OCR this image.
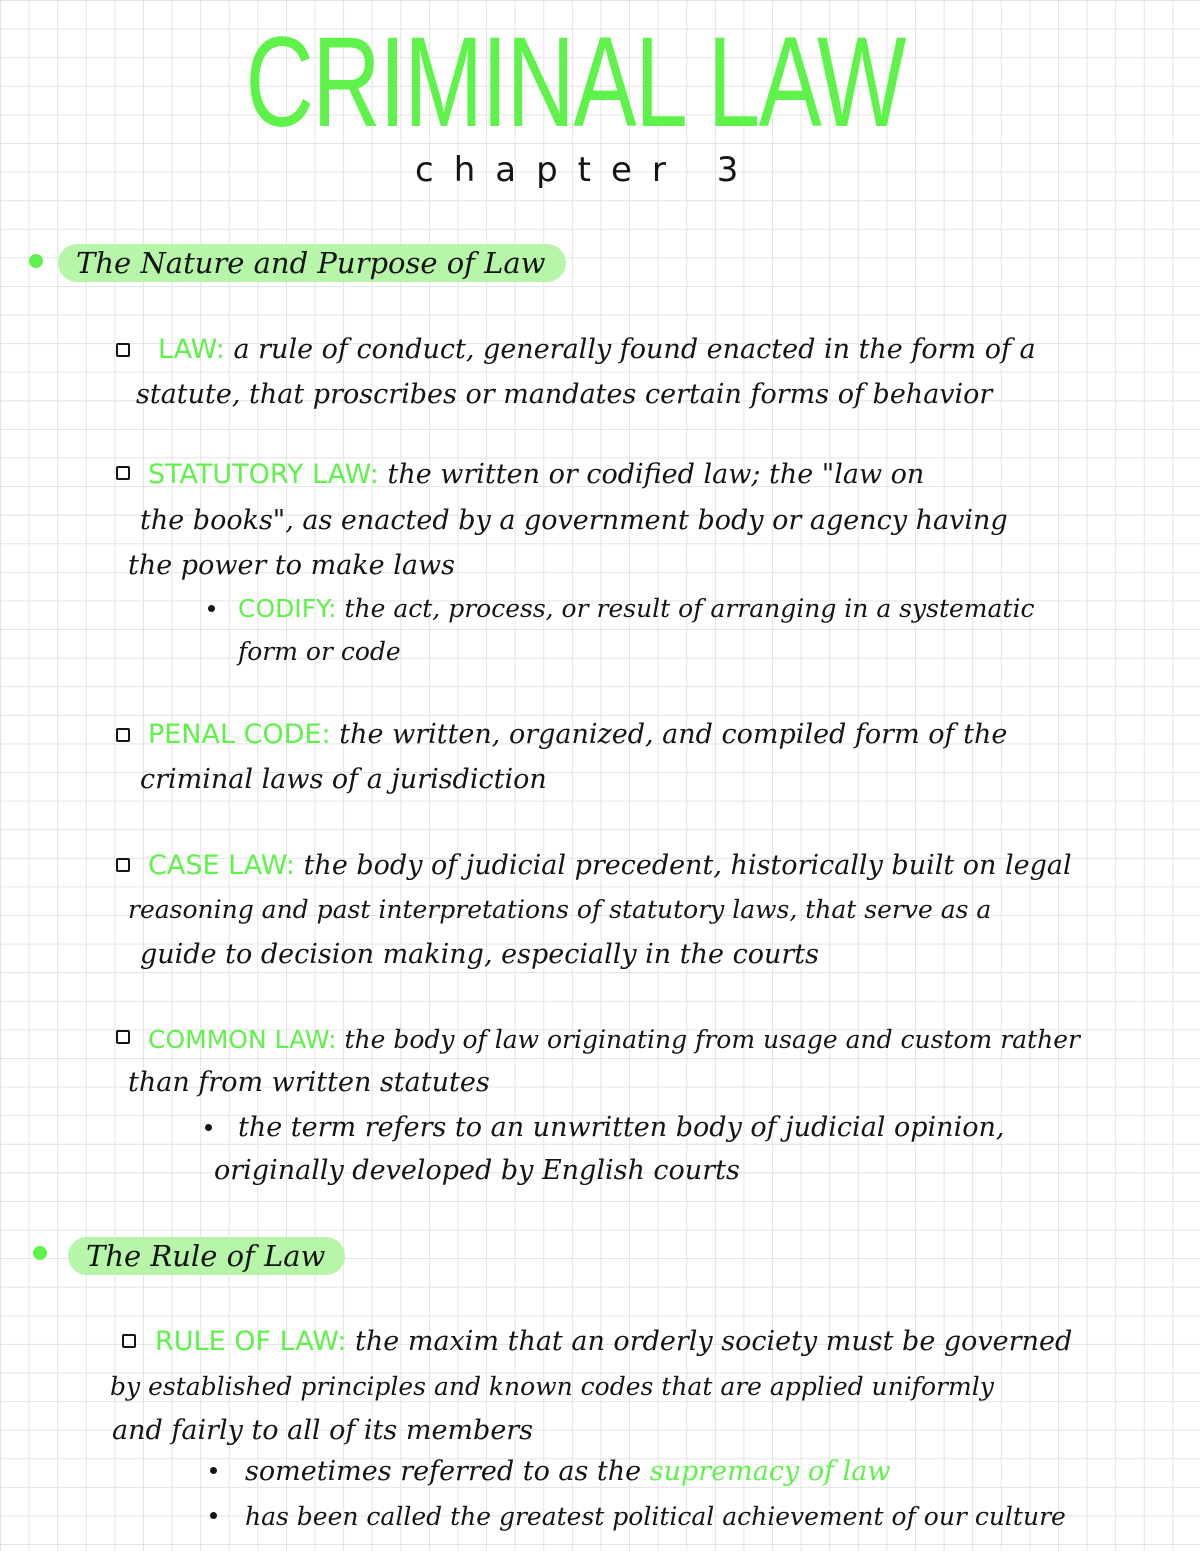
CRIMINAL LAW
chapter 3
The Nature and Purpose of Law
LAW: a rule of conduct, generally found enacted in the form of a
statute, that proscribes or mandates certain forms of behavior
STATUTORY LAW: the written or codified law; the "law on
the books", as enacted by a government body or agency having
the power to make laws
CODIFY: the act, process, or result of arranging in a systematic
form or code
PENAL CODE: the written, organized, and compiled form of the
criminal laws of a jurisdiction
CASE LAW: the body of judicial precedent, historically built on legal
reasoning and past interpretations of statutory laws, that serve as a
guide to decision making, especially in the courts
COMMON LAW: the body of law originating from usage and custom rather
than from written statutes
the term refers to an unwritten body of judicial opinion,
originally developed by English courts
The Rule of Law
RULE OF LAW: the maxim that an orderly society must be governed
by established principles and known codes that are applied uniformly
and fairly to all of its members
sometimes referred to as the supremacy of law
has been called the greatest political achievement of our culture
